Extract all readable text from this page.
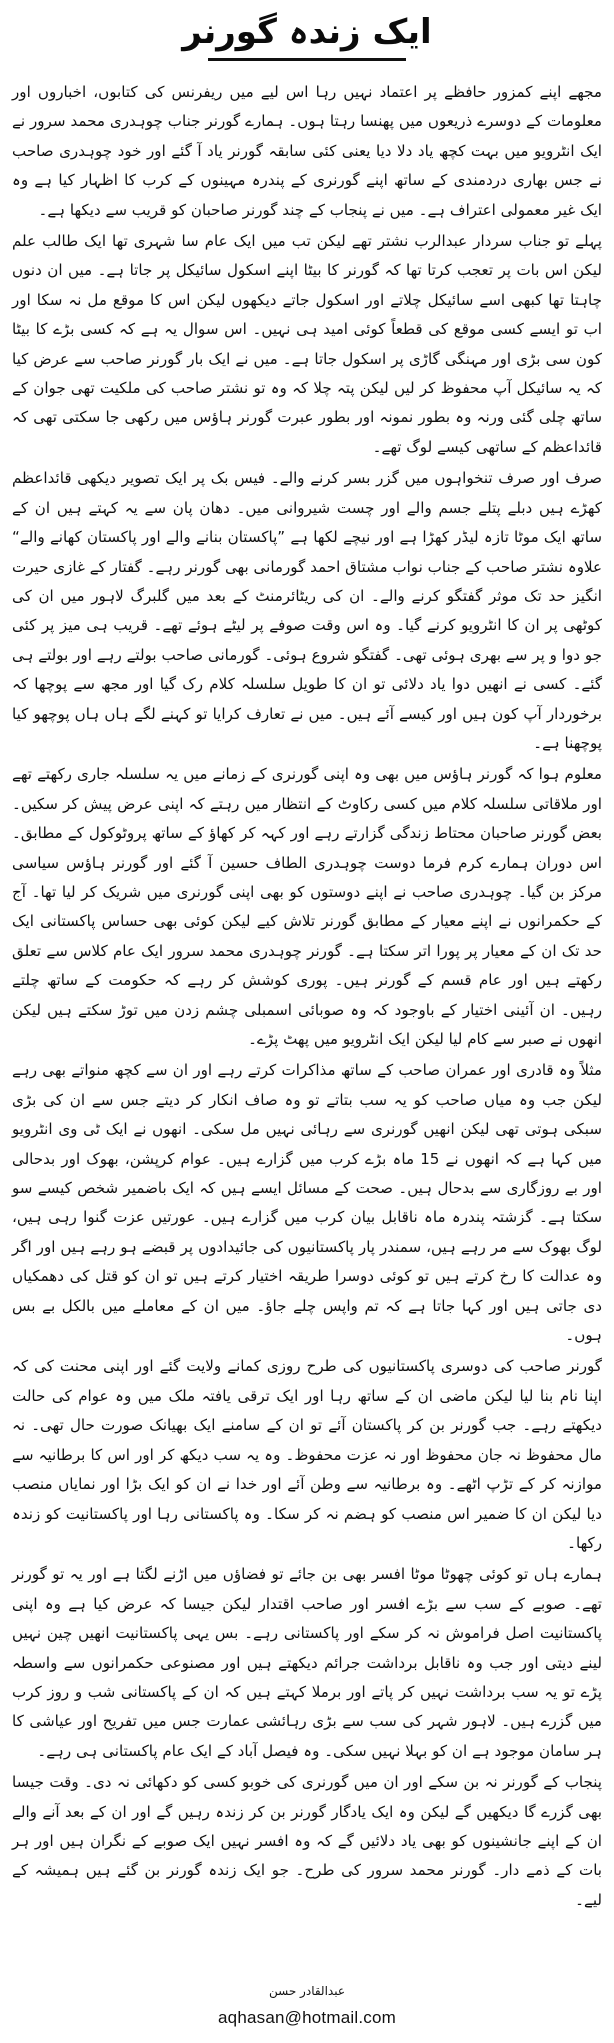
ایک زندہ گورنر

مجھے اپنے کمزور حافظے پر اعتماد نہیں رہا اس لیے میں ریفرنس کی کتابوں، اخباروں اور معلومات کے دوسرے ذریعوں میں پھنسا رہتا ہوں۔ ہمارے گورنر جناب چوہدری محمد سرور نے ایک انٹرویو میں بہت کچھ یاد دلا دیا یعنی کئی سابقہ گورنر یاد آ گئے اور خود چوہدری صاحب نے جس بھاری دردمندی کے ساتھ اپنے گورنری کے پندرہ مہینوں کے کرب کا اظہار کیا ہے وہ ایک غیر معمولی اعتراف ہے۔ میں نے پنجاب کے چند گورنر صاحبان کو قریب سے دیکھا ہے۔

پہلے تو جناب سردار عبدالرب نشتر تھے لیکن تب میں ایک عام سا شہری تھا ایک طالب علم لیکن اس بات پر تعجب کرتا تھا کہ گورنر کا بیٹا اپنے اسکول سائیکل پر جاتا ہے۔ میں ان دنوں چاہتا تھا کبھی اسے سائیکل چلاتے اور اسکول جاتے دیکھوں لیکن اس کا موقع مل نہ سکا اور اب تو ایسے کسی موقع کی قطعاً کوئی امید ہی نہیں۔ اس سوال یہ ہے کہ کسی بڑے کا بیٹا کون سی بڑی اور مہنگی گاڑی پر اسکول جاتا ہے۔ میں نے ایک بار گورنر صاحب سے عرض کیا کہ یہ سائیکل آپ محفوظ کر لیں لیکن پتہ چلا کہ وہ تو نشتر صاحب کی ملکیت تھی جوان کے ساتھ چلی گئی ورنہ وہ بطور نمونہ اور بطور عبرت گورنر ہاؤس میں رکھی جا سکتی تھی کہ قائداعظم کے ساتھی کیسے لوگ تھے۔

صرف اور صرف تنخواہوں میں گزر بسر کرنے والے۔ فیس بک پر ایک تصویر دیکھی قائداعظم کھڑے ہیں دبلے پتلے جسم والے اور چست شیروانی میں۔ دھان پان سے یہ کہتے ہیں ان کے ساتھ ایک موٹا تازہ لیڈر کھڑا ہے اور نیچے لکھا ہے ”پاکستان بنانے والے اور پاکستان کھانے والے“ علاوہ نشتر صاحب کے جناب نواب مشتاق احمد گورمانی بھی گورنر رہے۔ گفتار کے غازی حیرت انگیز حد تک موثر گفتگو کرنے والے۔ ان کی ریٹائرمنٹ کے بعد میں گلبرگ لاہور میں ان کی کوٹھی پر ان کا انٹرویو کرنے گیا۔ وہ اس وقت صوفے پر لیٹے ہوئے تھے۔ قریب ہی میز پر کئی جو دوا و پر سے بھری ہوئی تھی۔ گفتگو شروع ہوئی۔ گورمانی صاحب بولتے رہے اور بولتے ہی گئے۔ کسی نے انھیں دوا یاد دلائی تو ان کا طویل سلسلہ کلام رک گیا اور مجھ سے پوچھا کہ برخوردار آپ کون ہیں اور کیسے آئے ہیں۔ میں نے تعارف کرایا تو کہنے لگے ہاں ہاں پوچھو کیا پوچھنا ہے۔

معلوم ہوا کہ گورنر ہاؤس میں بھی وہ اپنی گورنری کے زمانے میں یہ سلسلہ جاری رکھتے تھے اور ملاقاتی سلسلہ کلام میں کسی رکاوٹ کے انتظار میں رہتے کہ اپنی عرض پیش کر سکیں۔ بعض گورنر صاحبان محتاط زندگی گزارتے رہے اور کہہ کر کھاؤ کے ساتھ پروٹوکول کے مطابق۔ اس دوران ہمارے کرم فرما دوست چوہدری الطاف حسین آ گئے اور گورنر ہاؤس سیاسی مرکز بن گیا۔ چوہدری صاحب نے اپنے دوستوں کو بھی اپنی گورنری میں شریک کر لیا تھا۔ آج کے حکمرانوں نے اپنے معیار کے مطابق گورنر تلاش کیے لیکن کوئی بھی حساس پاکستانی ایک حد تک ان کے معیار پر پورا اتر سکتا ہے۔ گورنر چوہدری محمد سرور ایک عام کلاس سے تعلق رکھتے ہیں اور عام قسم کے گورنر ہیں۔ پوری کوشش کر رہے کہ حکومت کے ساتھ چلتے رہیں۔ ان آئینی اختیار کے باوجود کہ وہ صوبائی اسمبلی چشم زدن میں توڑ سکتے ہیں لیکن انھوں نے صبر سے کام لیا لیکن ایک انٹرویو میں پھٹ پڑے۔

مثلاً وہ قادری اور عمران صاحب کے ساتھ مذاکرات کرتے رہے اور ان سے کچھ منواتے بھی رہے لیکن جب وہ میاں صاحب کو یہ سب بتاتے تو وہ صاف انکار کر دیتے جس سے ان کی بڑی سبکی ہوتی تھی لیکن انھیں گورنری سے رہائی نہیں مل سکی۔ انھوں نے ایک ٹی وی انٹرویو میں کہا ہے کہ انھوں نے 15 ماہ بڑے کرب میں گزارے ہیں۔ عوام کرپشن، بھوک اور بدحالی اور بے روزگاری سے بدحال ہیں۔ صحت کے مسائل ایسے ہیں کہ ایک باضمیر شخص کیسے سو سکتا ہے۔ گزشتہ پندرہ ماہ ناقابل بیان کرب میں گزارے ہیں۔ عورتیں عزت گنوا رہی ہیں، لوگ بھوک سے مر رہے ہیں، سمندر پار پاکستانیوں کی جائیدادوں پر قبضے ہو رہے ہیں اور اگر وہ عدالت کا رخ کرتے ہیں تو کوئی دوسرا طریقہ اختیار کرتے ہیں تو ان کو قتل کی دھمکیاں دی جاتی ہیں اور کہا جاتا ہے کہ تم واپس چلے جاؤ۔ میں ان کے معاملے میں بالکل بے بس ہوں۔

گورنر صاحب کی دوسری پاکستانیوں کی طرح روزی کمانے ولایت گئے اور اپنی محنت کی کہ اپنا نام بنا لیا لیکن ماضی ان کے ساتھ رہا اور ایک ترقی یافتہ ملک میں وہ عوام کی حالت دیکھتے رہے۔ جب گورنر بن کر پاکستان آئے تو ان کے سامنے ایک بھیانک صورت حال تھی۔ نہ مال محفوظ نہ جان محفوظ اور نہ عزت محفوظ۔ وہ یہ سب دیکھ کر اور اس کا برطانیہ سے موازنہ کر کے تڑپ اٹھے۔ وہ برطانیہ سے وطن آئے اور خدا نے ان کو ایک بڑا اور نمایاں منصب دیا لیکن ان کا ضمیر اس منصب کو ہضم نہ کر سکا۔ وہ پاکستانی رہا اور پاکستانیت کو زندہ رکھا۔

ہمارے ہاں تو کوئی چھوٹا موٹا افسر بھی بن جائے تو فضاؤں میں اڑنے لگتا ہے اور یہ تو گورنر تھے۔ صوبے کے سب سے بڑے افسر اور صاحب اقتدار لیکن جیسا کہ عرض کیا ہے وہ اپنی پاکستانیت اصل فراموش نہ کر سکے اور پاکستانی رہے۔ بس یہی پاکستانیت انھیں چین نہیں لینے دیتی اور جب وہ ناقابل برداشت جرائم دیکھتے ہیں اور مصنوعی حکمرانوں سے واسطہ پڑے تو یہ سب برداشت نہیں کر پاتے اور برملا کہتے ہیں کہ ان کے پاکستانی شب و روز کرب میں گزرے ہیں۔ لاہور شہر کی سب سے بڑی رہائشی عمارت جس میں تفریح اور عیاشی کا ہر سامان موجود ہے ان کو بہلا نہیں سکی۔ وہ فیصل آباد کے ایک عام پاکستانی ہی رہے۔

پنجاب کے گورنر نہ بن سکے اور ان میں گورنری کی خوبو کسی کو دکھائی نہ دی۔ وقت جیسا بھی گزرے گا دیکھیں گے لیکن وہ ایک یادگار گورنر بن کر زندہ رہیں گے اور ان کے بعد آنے والے ان کے اپنے جانشینوں کو بھی یاد دلائیں گے کہ وہ افسر نہیں ایک صوبے کے نگران ہیں اور ہر بات کے ذمے دار۔ گورنر محمد سرور کی طرح۔ جو ایک زندہ گورنر بن گئے ہیں ہمیشہ کے لیے۔

عبدالقادر حسن
aqhasan@hotmail.com
